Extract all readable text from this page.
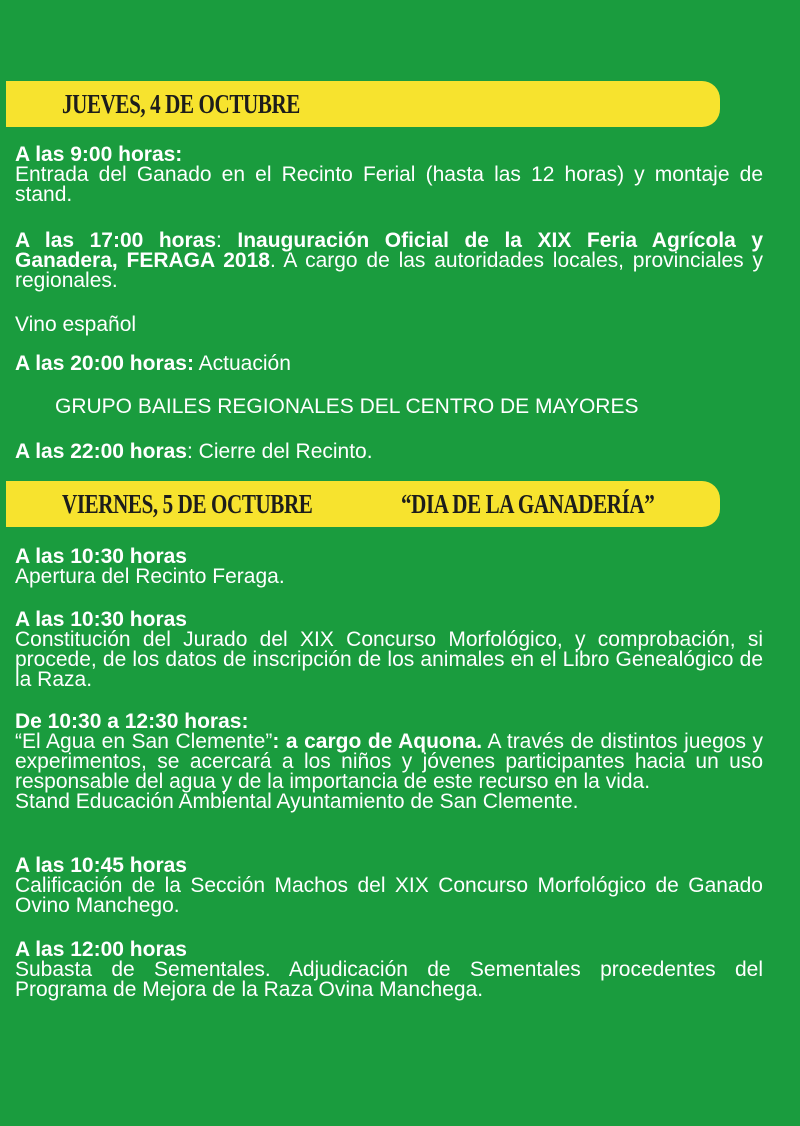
JUEVES, 4 DE OCTUBRE

A las 9:00 horas:

Entrada del Ganado en el Recinto Ferial (hasta las 12 horas) y montaje de stand.

A las 17:00 horas: Inauguración Oficial de la XIX Feria Agrícola y Ganadera, FERAGA 2018. A cargo de las autoridades locales, provinciales y regionales.

Vino español

A las 20:00 horas: Actuación

GRUPO BAILES REGIONALES DEL CENTRO DE MAYORES

A las 22:00 horas: Cierre del Recinto.
VIERNES, 5 DE OCTUBRE	“DIA DE LA GANADERÍA”

A las 10:30 horas

Apertura del Recinto Feraga.

A las 10:30 horas

Constitución del Jurado del XIX Concurso Morfológico, y comprobación, si procede, de los datos de inscripción de los animales en el Libro Genealógico de la Raza.

De 10:30 a 12:30 horas:

“El Agua en San Clemente”: a cargo de Aquona. A través de distintos juegos y experimentos, se acercará a los niños y jóvenes participantes hacia un uso responsable del agua y de la importancia de este recurso en la vida.

Stand Educación Ambiental Ayuntamiento de San Clemente.

A las 10:45 horas

Calificación de la Sección Machos del XIX Concurso Morfológico de Ganado Ovino Manchego.

A las 12:00 horas

Subasta de Sementales. Adjudicación de Sementales procedentes del Programa de Mejora de la Raza Ovina Manchega.
